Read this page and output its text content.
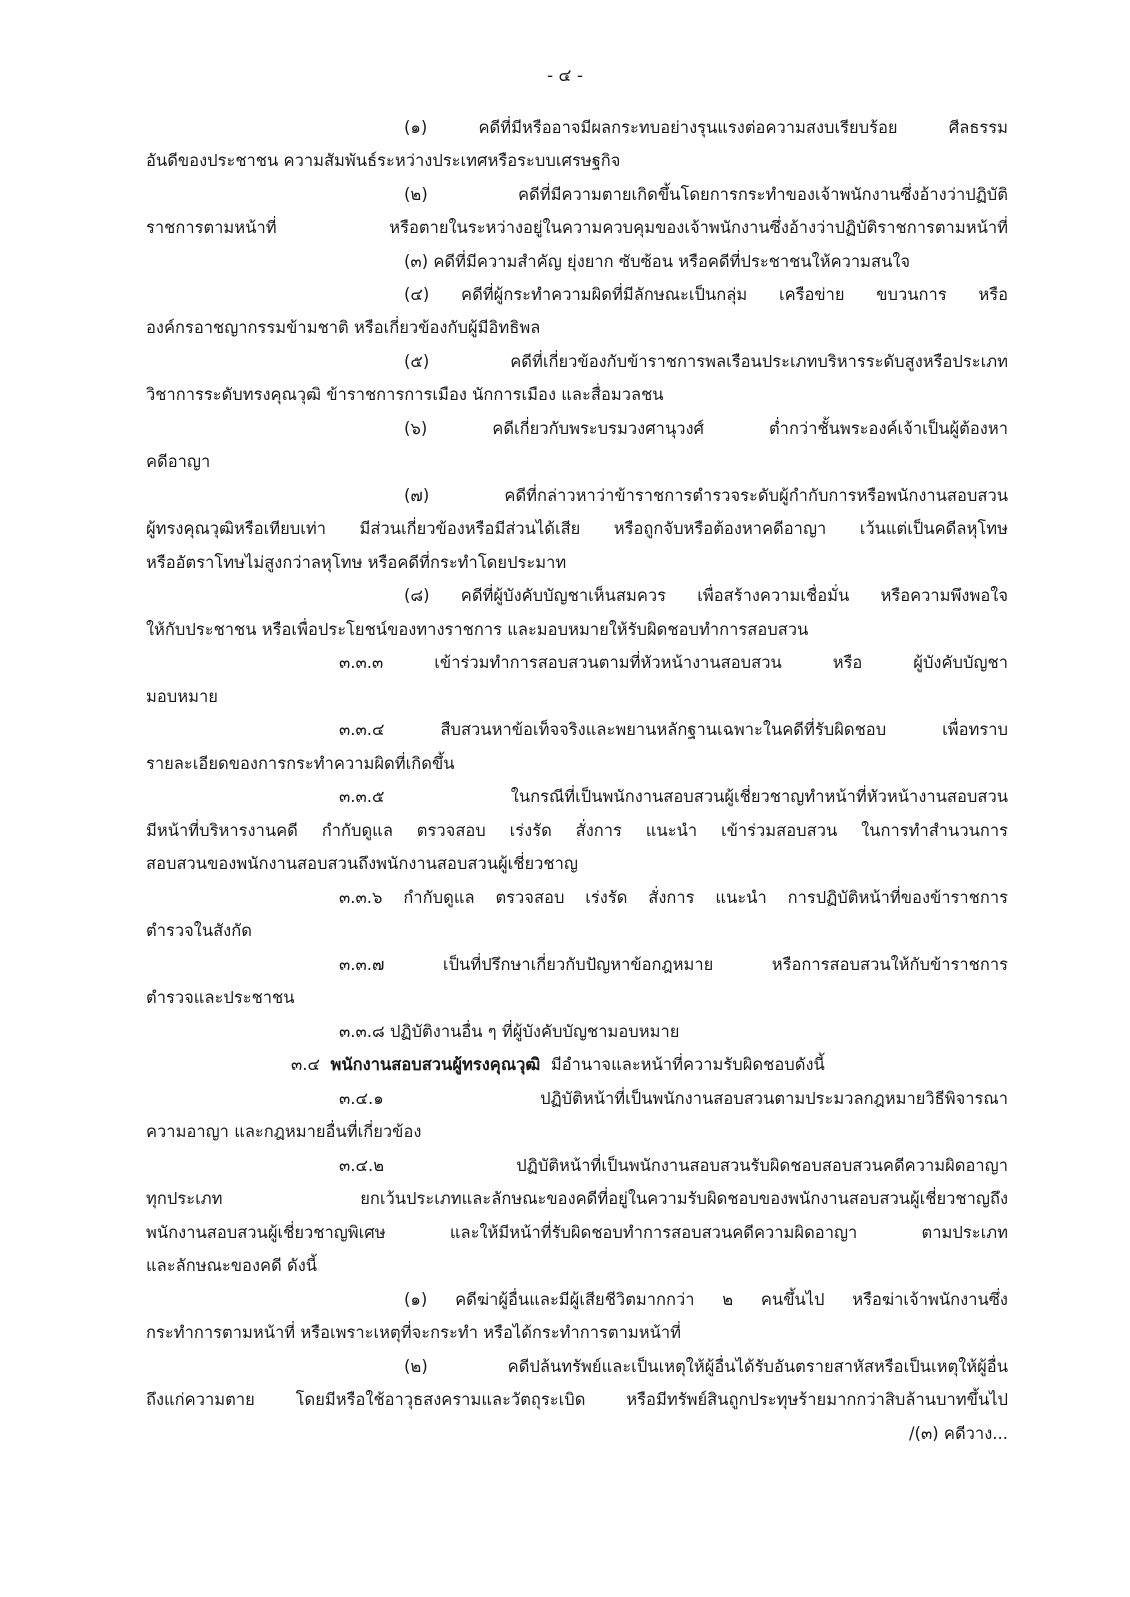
- ๔ -
(๑) คดีที่มีหรืออาจมีผลกระทบอย่างรุนแรงต่อความสงบเรียบร้อย ศีลธรรม
อันดีของประชาชน ความสัมพันธ์ระหว่างประเทศหรือระบบเศรษฐกิจ
(๒) คดีที่มีความตายเกิดขึ้นโดยการกระทำของเจ้าพนักงานซึ่งอ้างว่าปฏิบัติ
ราชการตามหน้าที่ หรือตายในระหว่างอยู่ในความควบคุมของเจ้าพนักงานซึ่งอ้างว่าปฏิบัติราชการตามหน้าที่
(๓) คดีที่มีความสำคัญ ยุ่งยาก ซับซ้อน หรือคดีที่ประชาชนให้ความสนใจ
(๔) คดีที่ผู้กระทำความผิดที่มีลักษณะเป็นกลุ่ม เครือข่าย ขบวนการ หรือ
องค์กรอาชญากรรมข้ามชาติ หรือเกี่ยวข้องกับผู้มีอิทธิพล
(๕) คดีที่เกี่ยวข้องกับข้าราชการพลเรือนประเภทบริหารระดับสูงหรือประเภท
วิชาการระดับทรงคุณวุฒิ ข้าราชการการเมือง นักการเมือง และสื่อมวลชน
(๖) คดีเกี่ยวกับพระบรมวงศานุวงศ์ ต่ำกว่าชั้นพระองค์เจ้าเป็นผู้ต้องหา
คดีอาญา
(๗) คดีที่กล่าวหาว่าข้าราชการตำรวจระดับผู้กำกับการหรือพนักงานสอบสวน
ผู้ทรงคุณวุฒิหรือเทียบเท่า มีส่วนเกี่ยวข้องหรือมีส่วนได้เสีย หรือถูกจับหรือต้องหาคดีอาญา เว้นแต่เป็นคดีลหุโทษ
หรืออัตราโทษไม่สูงกว่าลหุโทษ หรือคดีที่กระทำโดยประมาท
(๘) คดีที่ผู้บังคับบัญชาเห็นสมควร เพื่อสร้างความเชื่อมั่น หรือความพึงพอใจ
ให้กับประชาชน หรือเพื่อประโยชน์ของทางราชการ และมอบหมายให้รับผิดชอบทำการสอบสวน
๓.๓.๓ เข้าร่วมทำการสอบสวนตามที่หัวหน้างานสอบสวน หรือ ผู้บังคับบัญชา
มอบหมาย
๓.๓.๔ สืบสวนหาข้อเท็จจริงและพยานหลักฐานเฉพาะในคดีที่รับผิดชอบ เพื่อทราบ
รายละเอียดของการกระทำความผิดที่เกิดขึ้น
๓.๓.๕ ในกรณีที่เป็นพนักงานสอบสวนผู้เชี่ยวชาญทำหน้าที่หัวหน้างานสอบสวน
มีหน้าที่บริหารงานคดี กำกับดูแล ตรวจสอบ เร่งรัด สั่งการ แนะนำ เข้าร่วมสอบสวน ในการทำสำนวนการ
สอบสวนของพนักงานสอบสวนถึงพนักงานสอบสวนผู้เชี่ยวชาญ
๓.๓.๖ กำกับดูแล ตรวจสอบ เร่งรัด สั่งการ แนะนำ การปฏิบัติหน้าที่ของข้าราชการ
ตำรวจในสังกัด
๓.๓.๗ เป็นที่ปรึกษาเกี่ยวกับปัญหาข้อกฎหมาย หรือการสอบสวนให้กับข้าราชการ
ตำรวจและประชาชน
๓.๓.๘ ปฏิบัติงานอื่น ๆ ที่ผู้บังคับบัญชามอบหมาย
๓.๔.๑ ปฏิบัติหน้าที่เป็นพนักงานสอบสวนตามประมวลกฎหมายวิธีพิจารณา
ความอาญา และกฎหมายอื่นที่เกี่ยวข้อง
๓.๔.๒ ปฏิบัติหน้าที่เป็นพนักงานสอบสวนรับผิดชอบสอบสวนคดีความผิดอาญา
ทุกประเภท ยกเว้นประเภทและลักษณะของคดีที่อยู่ในความรับผิดชอบของพนักงานสอบสวนผู้เชี่ยวชาญถึง
พนักงานสอบสวนผู้เชี่ยวชาญพิเศษ และให้มีหน้าที่รับผิดชอบทำการสอบสวนคดีความผิดอาญา ตามประเภท
และลักษณะของคดี ดังนี้
(๑) คดีฆ่าผู้อื่นและมีผู้เสียชีวิตมากกว่า ๒ คนขึ้นไป หรือฆ่าเจ้าพนักงานซึ่ง
กระทำการตามหน้าที่ หรือเพราะเหตุที่จะกระทำ หรือได้กระทำการตามหน้าที่
(๒) คดีปล้นทรัพย์และเป็นเหตุให้ผู้อื่นได้รับอันตรายสาหัสหรือเป็นเหตุให้ผู้อื่น
ถึงแก่ความตาย โดยมีหรือใช้อาวุธสงครามและวัตถุระเบิด หรือมีทรัพย์สินถูกประทุษร้ายมากกว่าสิบล้านบาทขึ้นไป
/(๓) คดีวาง...
๓.๔ พนักงานสอบสวนผู้ทรงคุณวุฒิ มีอำนาจและหน้าที่ความรับผิดชอบดังนี้
